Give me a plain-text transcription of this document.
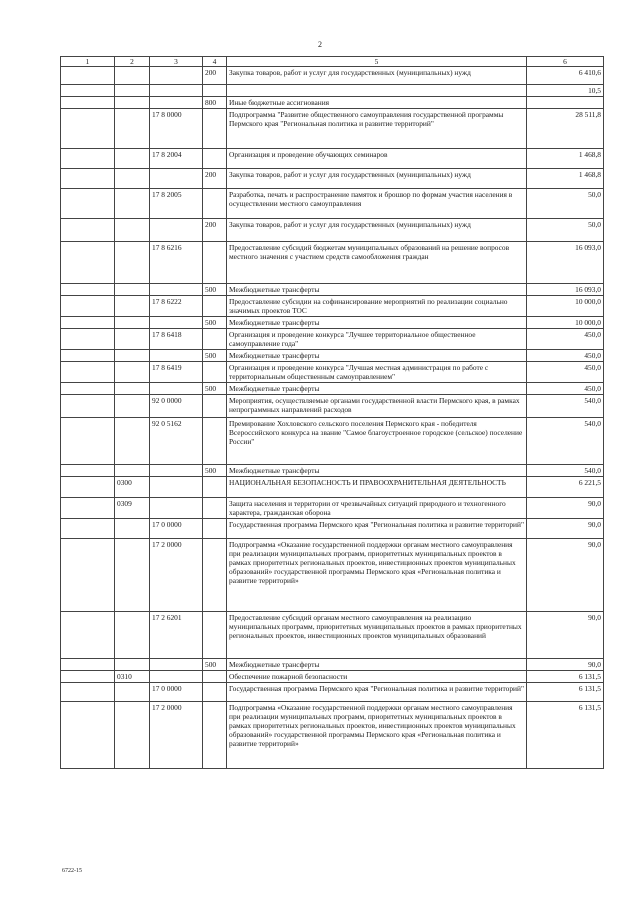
2
1	2	3	4	5	6
			200	Закупка товаров, работ и услуг для государственных (муниципальных) нужд	6 410,6
					10,5
			800	Иные бюджетные ассигнования	
		17 8 0000		Подпрограмма "Развитие общественного самоуправления государственной программы Пермского края "Региональная политика и развитие территорий"	28 511,8
		17 8 2004		Организация и проведение обучающих семинаров	1 468,8
			200	Закупка товаров, работ и услуг для государственных (муниципальных) нужд	1 468,8
		17 8 2005		Разработка, печать и распространение памяток и брошюр по формам участия населения в осуществлении местного самоуправления	50,0
			200	Закупка товаров, работ и услуг для государственных (муниципальных) нужд	50,0
		17 8 6216		Предоставление субсидий бюджетам муниципальных образований на решение вопросов местного значения с участием средств самообложения граждан	16 093,0
			500	Межбюджетные трансферты	16 093,0
		17 8 6222		Предоставление субсидии на софинансирование мероприятий по реализации социально значимых проектов ТОС	10 000,0
			500	Межбюджетные трансферты	10 000,0
		17 8 6418		Организация и проведение конкурса "Лучшее территориальное общественное самоуправление года"	450,0
			500	Межбюджетные трансферты	450,0
		17 8 6419		Организация и проведение конкурса "Лучшая местная администрация по работе с территориальным общественным самоуправлением"	450,0
			500	Межбюджетные трансферты	450,0
		92 0 0000		Мероприятия, осуществляемые органами государственной власти Пермского края, в рамках непрограммных направлений расходов	540,0
		92 0 5162		Премирование Хохловского сельского поселения Пермского края - победителя Всероссийского конкурса на звание "Самое благоустроенное городское (сельское) поселение России"	540,0
			500	Межбюджетные трансферты	540,0
	0300			НАЦИОНАЛЬНАЯ БЕЗОПАСНОСТЬ И ПРАВООХРАНИТЕЛЬНАЯ ДЕЯТЕЛЬНОСТЬ	6 221,5
	0309			Защита населения и территории от чрезвычайных ситуаций природного и техногенного характера, гражданская оборона	90,0
		17 0 0000		Государственная программа Пермского края "Региональная политика и развитие территорий"	90,0
		17 2 0000		Подпрограмма «Оказание государственной поддержки органам местного самоуправления при реализации муниципальных программ, приоритетных муниципальных проектов в рамках приоритетных региональных проектов, инвестиционных проектов муниципальных образований» государственной программы Пермского края «Региональная политика и развитие территорий»	90,0
		17 2 6201		Предоставление субсидий органам местного самоуправления на реализацию муниципальных программ, приоритетных муниципальных проектов в рамках приоритетных региональных проектов, инвестиционных проектов муниципальных образований	90,0
			500	Межбюджетные трансферты	90,0
	0310			Обеспечение пожарной безопасности	6 131,5
		17 0 0000		Государственная программа Пермского края "Региональная политика и развитие территорий"	6 131,5
		17 2 0000		Подпрограмма «Оказание государственной поддержки органам местного самоуправления при реализации муниципальных программ, приоритетных муниципальных проектов в рамках приоритетных региональных проектов, инвестиционных проектов муниципальных образований» государственной программы Пермского края «Региональная политика и развитие территорий»	6 131,5
6722-15
